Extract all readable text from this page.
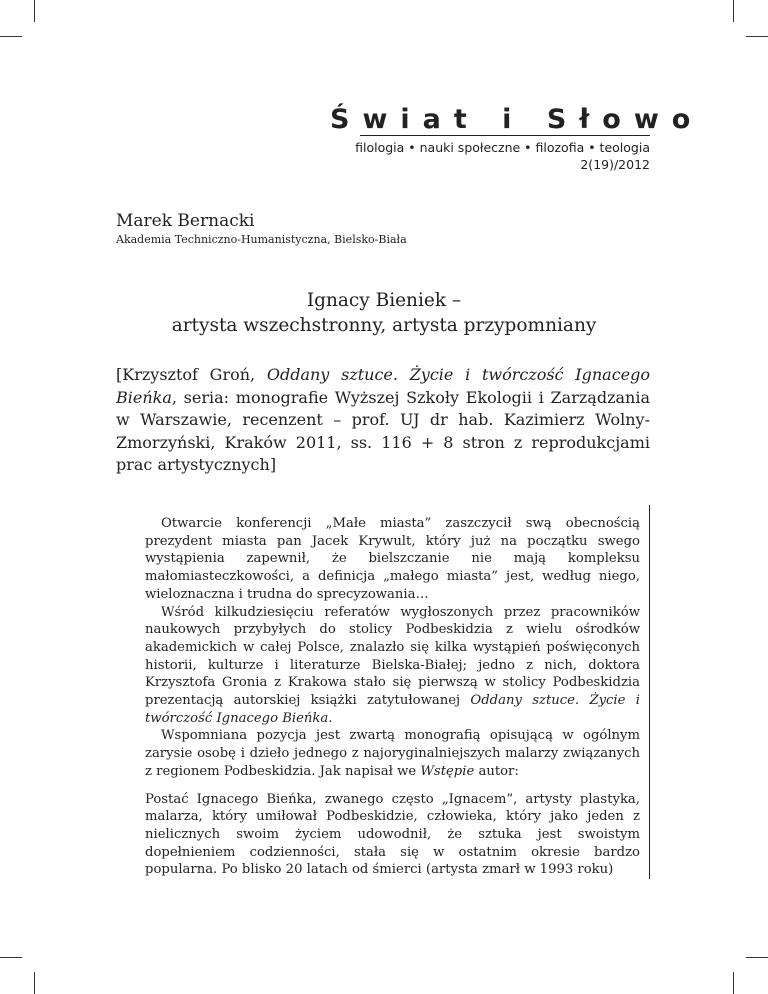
Świat i Słowo
filologia • nauki społeczne • filozofia • teologia
2(19)/2012
Marek Bernacki
Akademia Techniczno-Humanistyczna, Bielsko-Biała
Ignacy Bieniek –
artysta wszechstronny, artysta przypomniany
[Krzysztof Groń, Oddany sztuce. Życie i twórczość Ignacego Bieńka, seria: monografie Wyższej Szkoły Ekologii i Zarządzania w Warszawie, recenzent – prof. UJ dr hab. Kazimierz Wolny-Zmorzyński, Kraków 2011, ss. 116 + 8 stron z reprodukcjami prac artystycznych]

Otwarcie konferencji „Małe miasta” zaszczycił swą obecnością prezydent miasta pan Jacek Krywult, który już na początku swego wystąpienia zapewnił, że bielszczanie nie mają kompleksu małomiasteczkowości, a definicja „małego miasta” jest, według niego, wieloznaczna i trudna do sprecyzowania…

Wśród kilkudziesięciu referatów wygłoszonych przez pracowników naukowych przybyłych do stolicy Podbeskidzia z wielu ośrodków akademickich w całej Polsce, znalazło się kilka wystąpień poświęconych historii, kulturze i literaturze Bielska-Białej; jedno z nich, doktora Krzysztofa Gronia z Krakowa stało się pierwszą w stolicy Podbeskidzia prezentacją autorskiej książki zatytułowanej Oddany sztuce. Życie i twórczość Ignacego Bieńka.

Wspomniana pozycja jest zwartą monografią opisującą w ogólnym zarysie osobę i dzieło jednego z najoryginalniejszych malarzy związanych z regionem Podbeskidzia. Jak napisał we Wstępie autor:

Postać Ignacego Bieńka, zwanego często „Ignacem”, artysty plastyka, malarza, który umiłował Podbeskidzie, człowieka, który jako jeden z nielicznych swoim życiem udowodnił, że sztuka jest swoistym dopełnieniem codzienności, stała się w ostatnim okresie bardzo popularna. Po blisko 20 latach od śmierci (artysta zmarł w 1993 roku)
